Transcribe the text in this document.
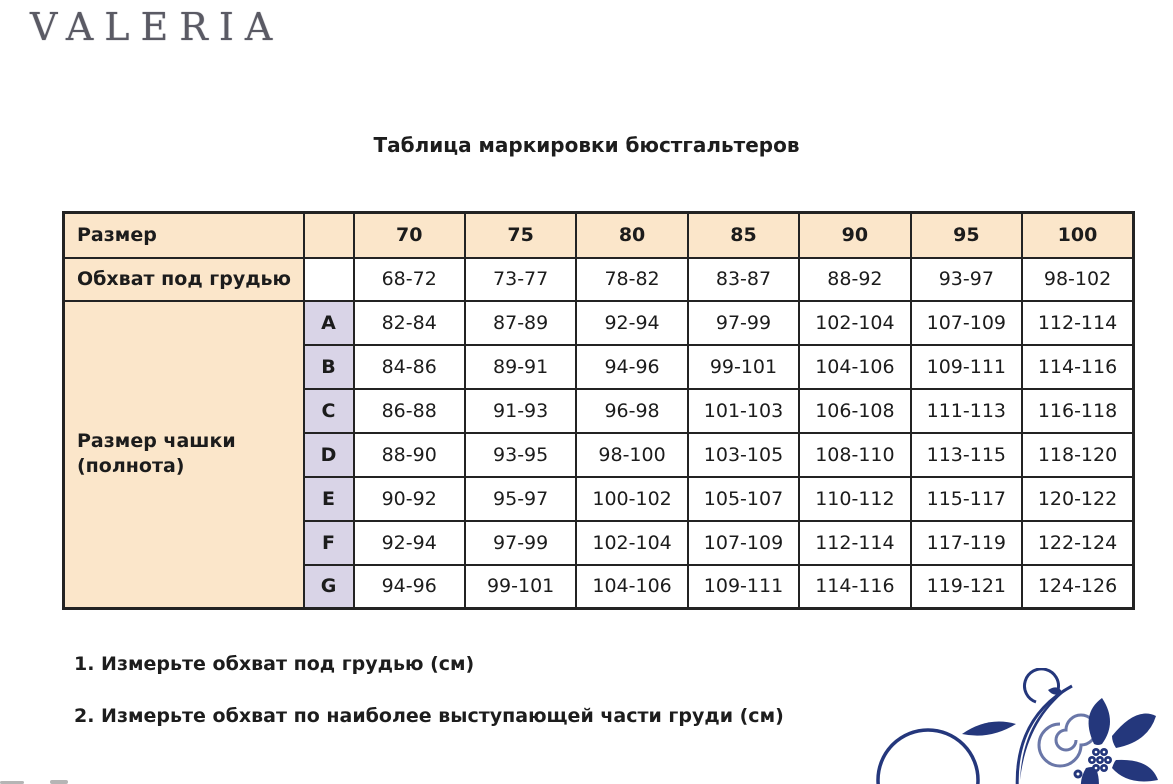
VALERIA
Таблица маркировки бюстгальтеров
Размер		70	75	80	85	90	95	100
Обхват под грудью		68-72	73-77	78-82	83-87	88-92	93-97	98-102
Размер чашки (полнота)	A	82-84	87-89	92-94	97-99	102-104	107-109	112-114
	B	84-86	89-91	94-96	99-101	104-106	109-111	114-116
	C	86-88	91-93	96-98	101-103	106-108	111-113	116-118
	D	88-90	93-95	98-100	103-105	108-110	113-115	118-120
	E	90-92	95-97	100-102	105-107	110-112	115-117	120-122
	F	92-94	97-99	102-104	107-109	112-114	117-119	122-124
	G	94-96	99-101	104-106	109-111	114-116	119-121	124-126

1. Измерьте обхват под грудью (см)

2. Измерьте обхват по наиболее выступающей части груди (см)
